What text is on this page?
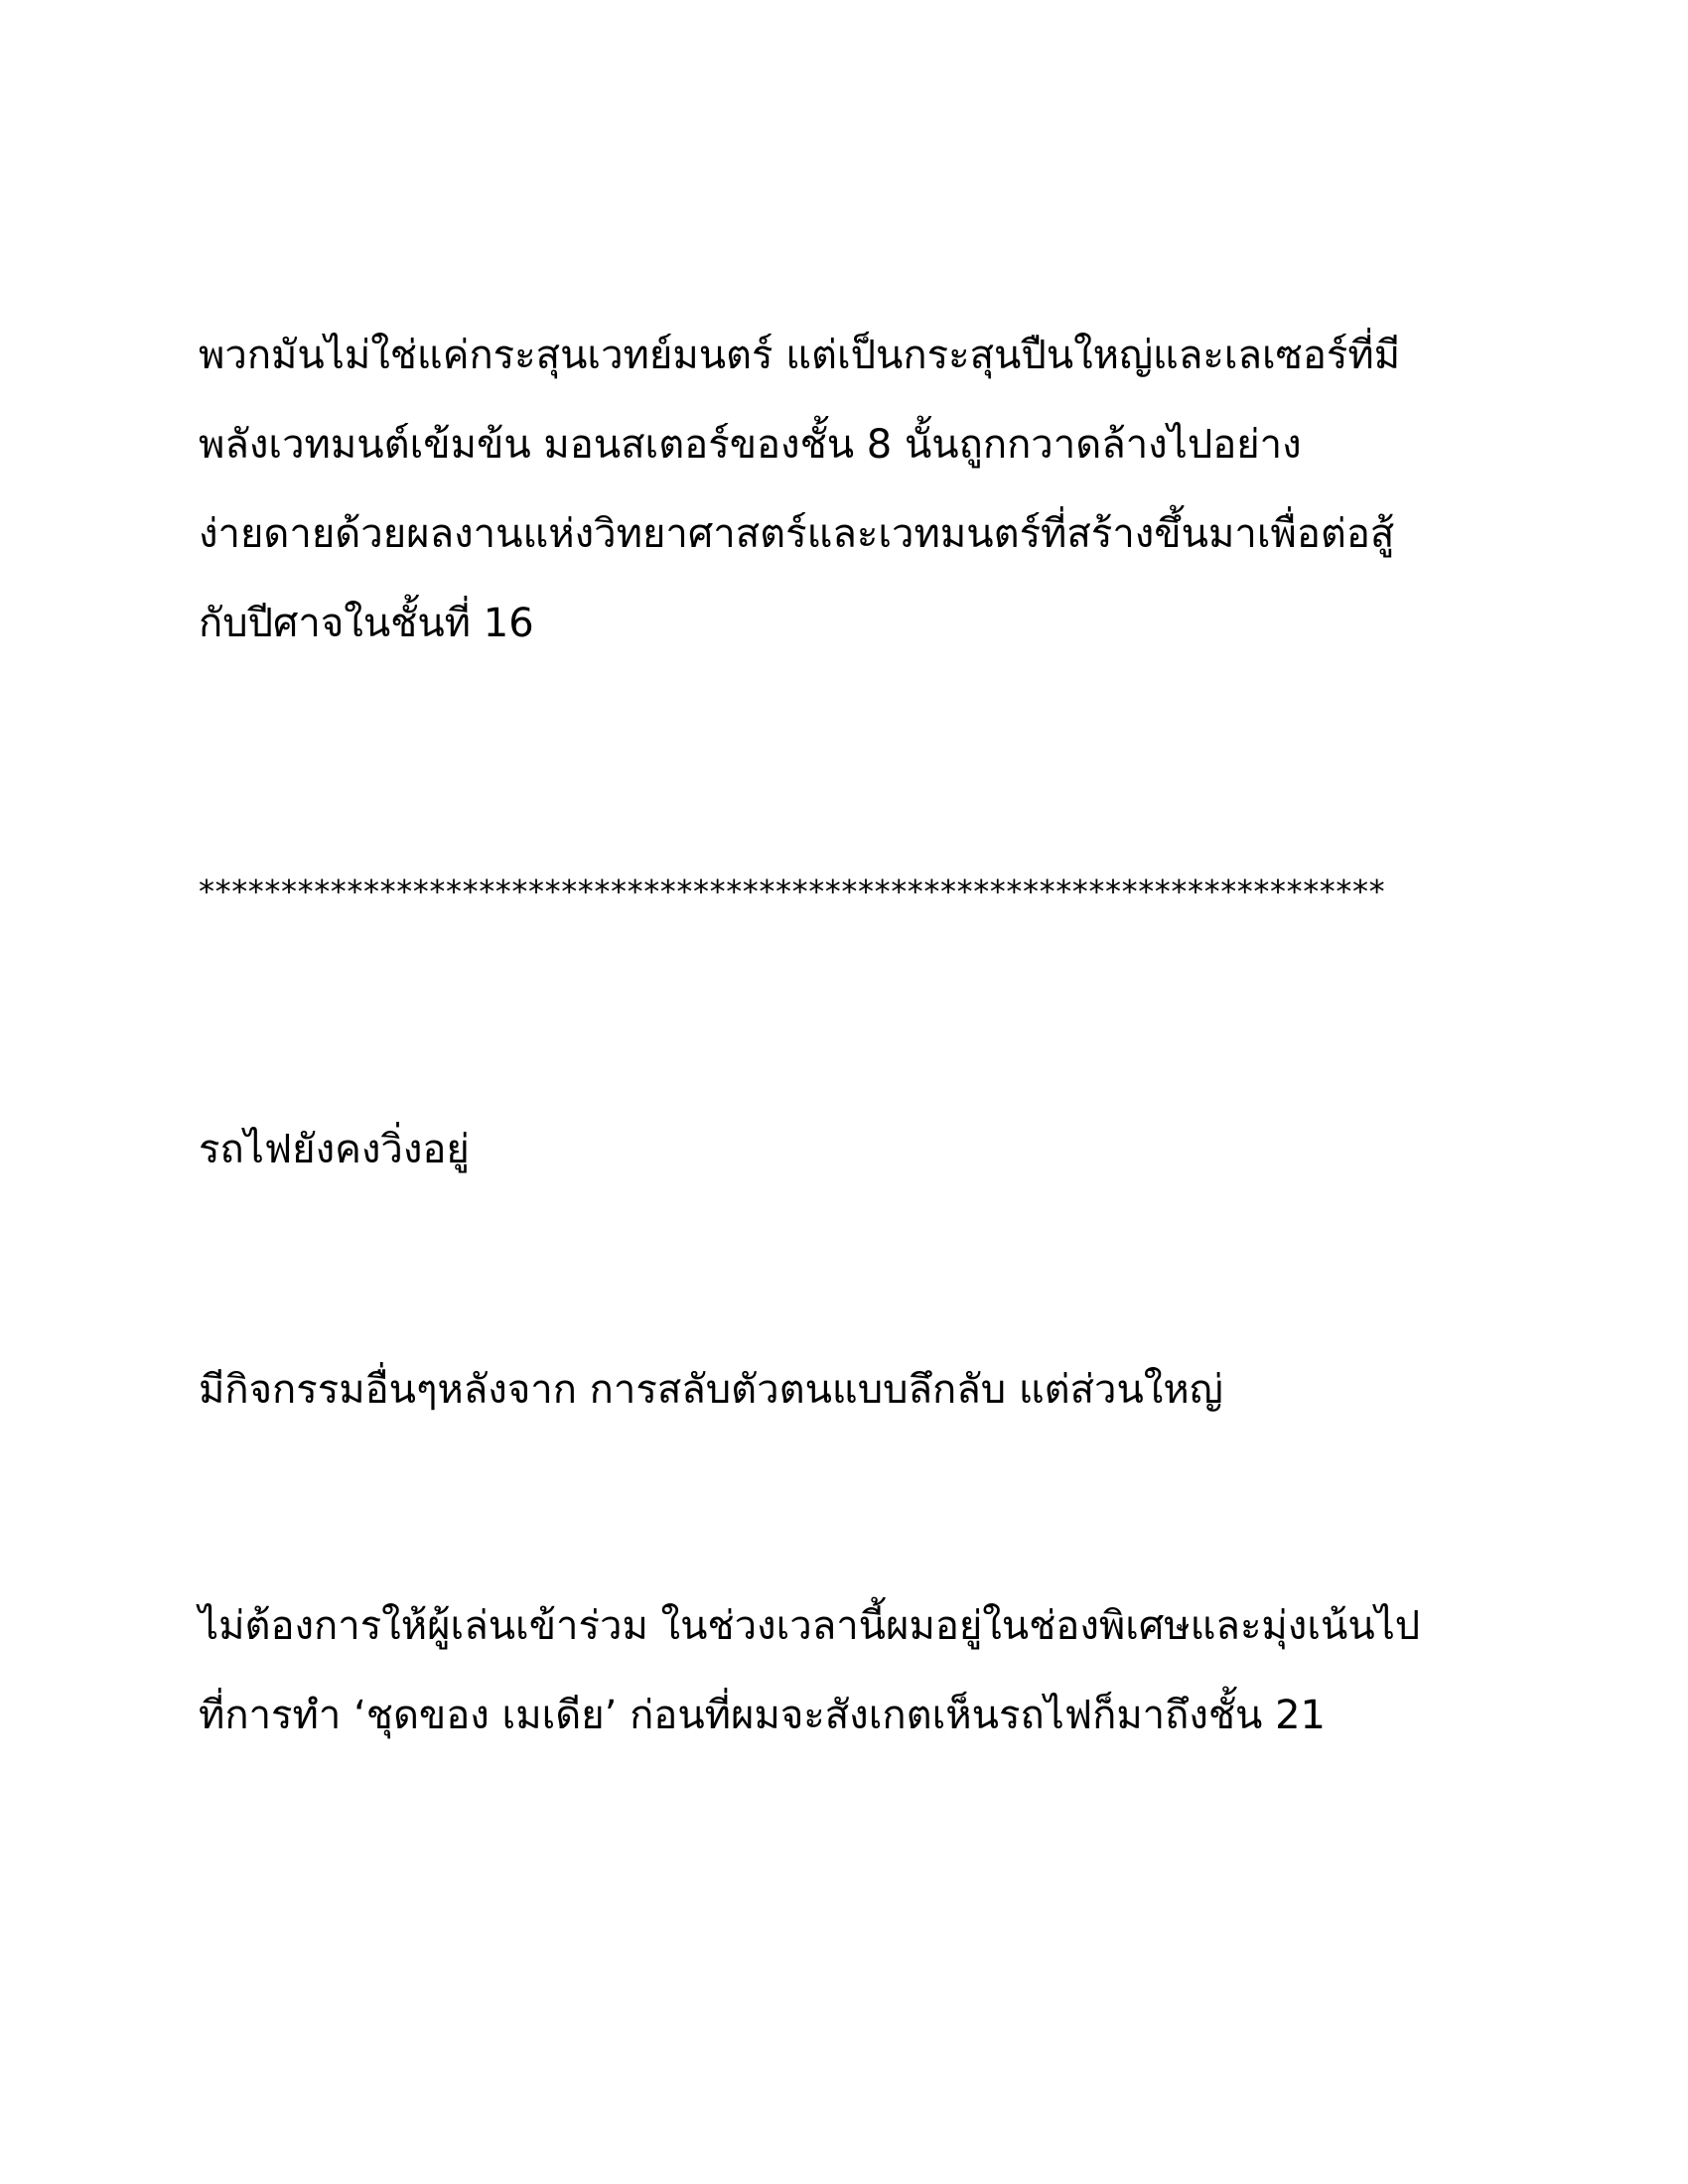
พวกมันไม่ใช่แค่กระสุนเวทย์มนตร์ แต่เป็นกระสุนปืนใหญ่และเลเซอร์ที่มี
พลังเวทมนต์เข้มข้น มอนสเตอร์ของชั้น 8 นั้นถูกกวาดล้างไปอย่าง
ง่ายดายด้วยผลงานแห่งวิทยาศาสตร์และเวทมนตร์ที่สร้างขึ้นมาเพื่อต่อสู้
กับปีศาจในชั้นที่ 16
************************************************************************
รถไฟยังคงวิ่งอยู่
มีกิจกรรมอื่นๆหลังจาก การสลับตัวตนแบบลึกลับ แต่ส่วนใหญ่
ไม่ต้องการให้ผู้เล่นเข้าร่วม ในช่วงเวลานี้ผมอยู่ในช่องพิเศษและมุ่งเน้นไป
ที่การทำ ‘ชุดของ เมเดีย’ ก่อนที่ผมจะสังเกตเห็นรถไฟก็มาถึงชั้น 21
